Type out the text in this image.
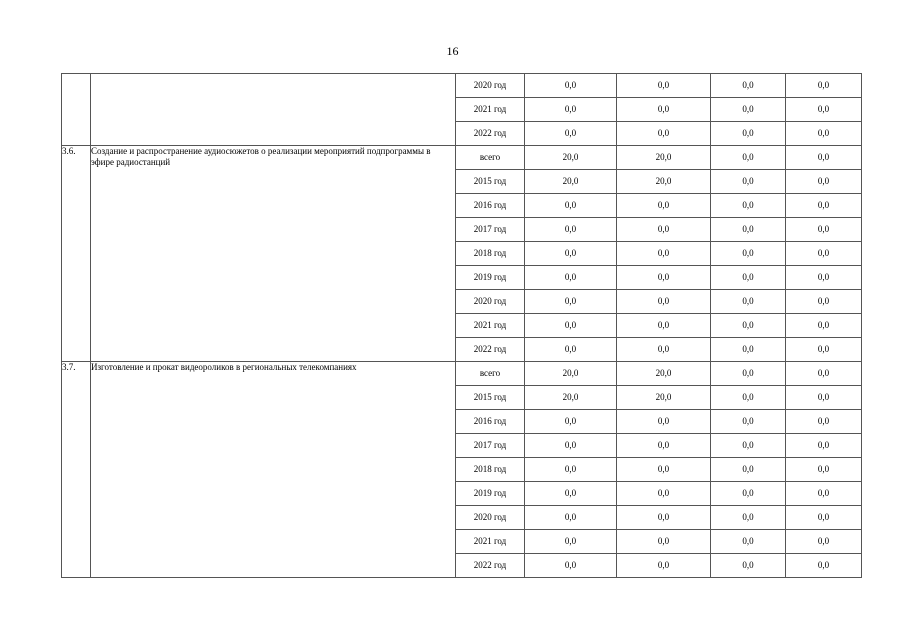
16
		2020 год	0,0	0,0	0,0	0,0
		2021 год	0,0	0,0	0,0	0,0
		2022 год	0,0	0,0	0,0	0,0
3.6.	Создание и распространение аудиосюжетов о реализации мероприятий подпрограммы в эфире радиостанций	всего	20,0	20,0	0,0	0,0
		2015 год	20,0	20,0	0,0	0,0
		2016 год	0,0	0,0	0,0	0,0
		2017 год	0,0	0,0	0,0	0,0
		2018 год	0,0	0,0	0,0	0,0
		2019 год	0,0	0,0	0,0	0,0
		2020 год	0,0	0,0	0,0	0,0
		2021 год	0,0	0,0	0,0	0,0
		2022 год	0,0	0,0	0,0	0,0
3.7.	Изготовление и прокат видеороликов в региональных телекомпаниях	всего	20,0	20,0	0,0	0,0
		2015 год	20,0	20,0	0,0	0,0
		2016 год	0,0	0,0	0,0	0,0
		2017 год	0,0	0,0	0,0	0,0
		2018 год	0,0	0,0	0,0	0,0
		2019 год	0,0	0,0	0,0	0,0
		2020 год	0,0	0,0	0,0	0,0
		2021 год	0,0	0,0	0,0	0,0
		2022 год	0,0	0,0	0,0	0,0
